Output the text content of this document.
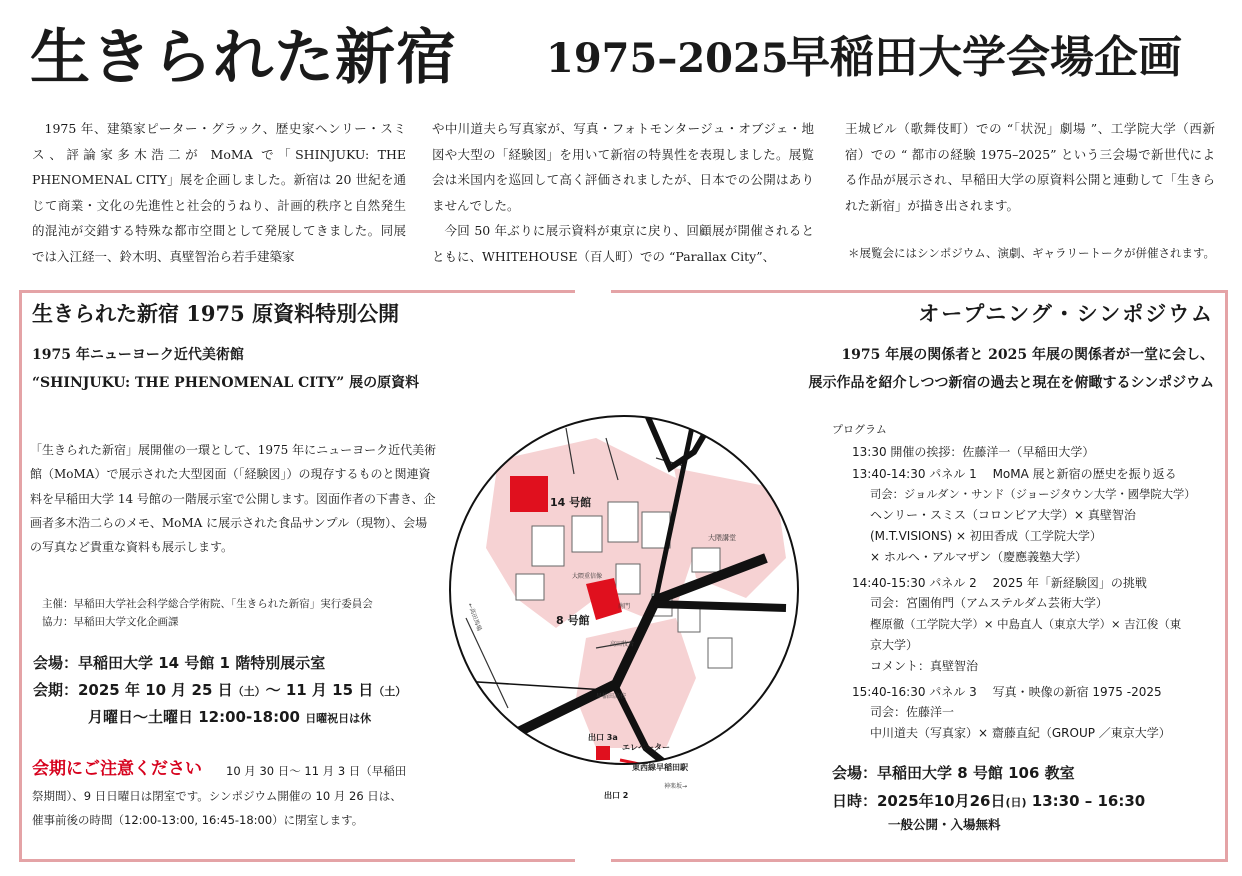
生きられた新宿 1975–2025
早稲田大学会場企画

1975 年、建築家ピーター・グラック、歴史家ヘンリー・スミス、評論家多木浩二が MoMA で「SHINJUKU: THE PHENOMENAL CITY」展を企画しました。新宿は 20 世紀を通じて商業・文化の先進性と社会的うねり、計画的秩序と自然発生的混沌が交錯する特殊な都市空間として発展してきました。同展では入江経一、鈴木明、真壁智治ら若手建築家

や中川道夫ら写真家が、写真・フォトモンタージュ・オブジェ・地図や大型の「経験図」を用いて新宿の特異性を表現しました。展覧会は米国内を巡回して高く評価されましたが、日本での公開はありませんでした。

今回 50 年ぶりに展示資料が東京に戻り、回顧展が開催されるとともに、WHITEHOUSE（百人町）での “Parallax City”、

王城ビル（歌舞伎町）での “「状況」劇場 ”、工学院大学（西新宿）での “ 都市の経験 1975–2025” という三会場で新世代による作品が展示され、早稲田大学の原資料公開と連動して「生きられた新宿」が描き出されます。

＊展覧会にはシンポジウム、演劇、ギャラリートークが併催されます。
生きられた新宿 1975 原資料特別公開
1975 年ニューヨーク近代美術館
“SHINJUKU: THE PHENOMENAL CITY” 展の原資料
「生きられた新宿」展開催の一環として、1975 年にニューヨーク近代美術館（MoMA）で展示された大型図面（「経験図」）の現存するものと関連資料を早稲田大学 14 号館の一階展示室で公開します。図面作者の下書き、企画者多木浩二らのメモ、MoMA に展示された食品サンプル（現物）、会場の写真など貴重な資料も展示します。
主催：早稲田大学社会科学総合学術院、「生きられた新宿」実行委員会
協力：早稲田大学文化企画課
会場：早稲田大学 14 号館 1 階特別展示室
会期：2025 年 10 月 25 日（土）〜 11 月 15 日（土）
月曜日〜土曜日 12:00-18:00 日曜祝日は休
会期にご注意ください 10 月 30 日〜 11 月 3 日（早稲田
祭期間）、9 日日曜日は閉室です。シンポジウム開催の 10 月 26 日は、
催事前後の時間（12:00-13:00, 16:45-18:00）に閉室します。
オープニング・シンポジウム
1975 年展の関係者と 2025 年展の関係者が一堂に会し、
展示作品を紹介しつつ新宿の過去と現在を俯瞰するシンポジウム
プログラム
13:30 開催の挨拶：佐藤洋一（早稲田大学）
13:40-14:30 パネル 1　 MoMA 展と新宿の歴史を振り返る
司会：ジョルダン・サンド（ジョージタウン大学・國學院大学）
ヘンリー・スミス（コロンビア大学）× 真壁智治
(M.T.VISIONS) × 初田香成（工学院大学）
× ホルヘ・アルマザン（慶應義塾大学）
14:40-15:30 パネル 2　 2025 年「新経験図」の挑戦
司会：宮園侑門（アムステルダム芸術大学）
樫原徹（工学院大学）× 中島直人（東京大学）× 吉江俊（東
京大学）
コメント：真壁智治
15:40-16:30 パネル 3　 写真・映像の新宿 1975 -2025
司会：佐藤洋一
中川道夫（写真家）× 齋藤直紀（GROUP ／東京大学）
会場：早稲田大学 8 号館 106 教室
日時：2025年10月26日(日) 13:30 – 16:30
一般公開・入場無料
14 号館
8 号館
大隈重信像
大隈講堂
南門
高田牧舎
早稲田高校
出口 3a
エレベーター
東西線早稲田駅
出口 2
神楽坂→
←高田馬場
